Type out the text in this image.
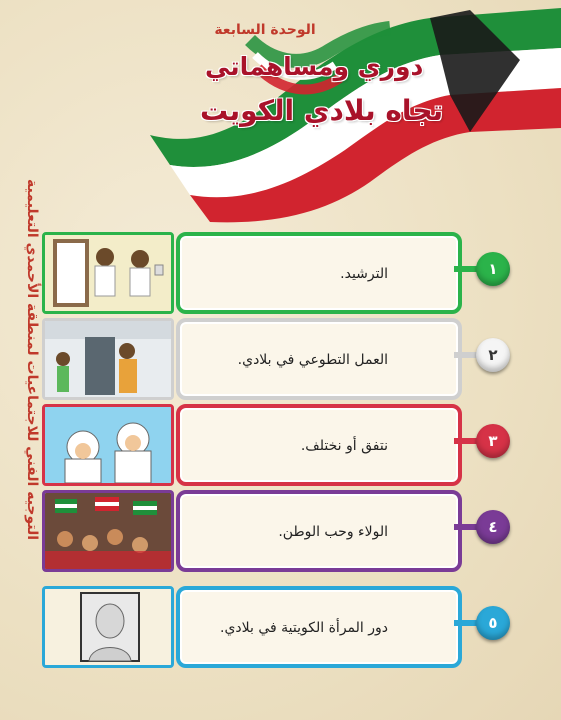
الوحدة السابعة
دوري ومساهماتي
تجاه بلادي الكويت
التوجيه الفني للاجتماعيات لمنطقة الأحمدي التعليمية	الترشيد.	١
العمل التطوعي في بلادي.	٢
نتفق أو نختلف.	٣
الولاء وحب الوطن.	٤
دور المرأة الكويتية في بلادي.	٥
